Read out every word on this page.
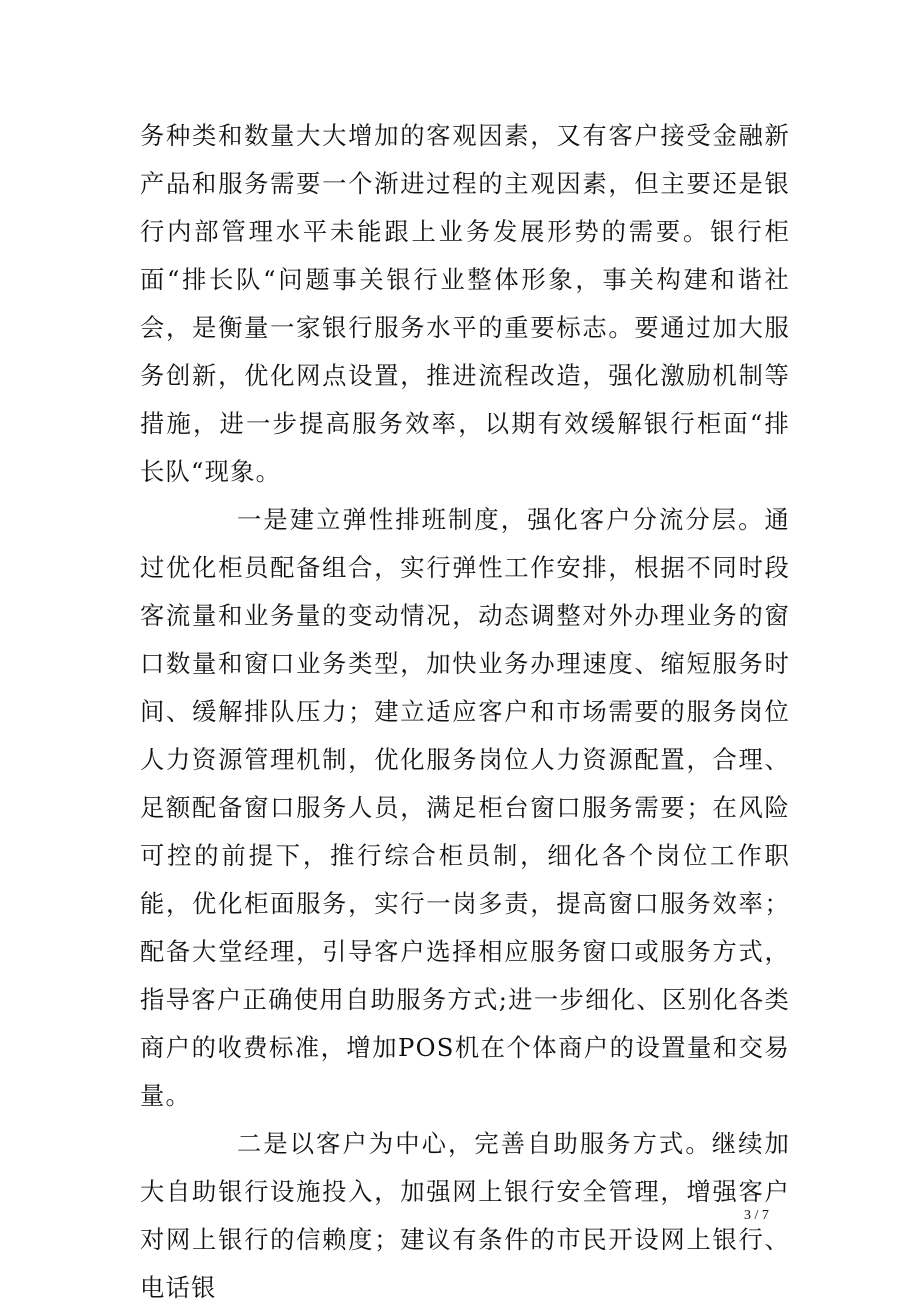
务种类和数量大大增加的客观因素，又有客户接受金融新产品和服务需要一个渐进过程的主观因素，但主要还是银行内部管理水平未能跟上业务发展形势的需要。银行柜面“排长队“问题事关银行业整体形象，事关构建和谐社会，是衡量一家银行服务水平的重要标志。要通过加大服务创新，优化网点设置，推进流程改造，强化激励机制等措施，进一步提高服务效率，以期有效缓解银行柜面“排长队“现象。

一是建立弹性排班制度，强化客户分流分层。通过优化柜员配备组合，实行弹性工作安排，根据不同时段客流量和业务量的变动情况，动态调整对外办理业务的窗口数量和窗口业务类型，加快业务办理速度、缩短服务时间、缓解排队压力；建立适应客户和市场需要的服务岗位人力资源管理机制，优化服务岗位人力资源配置，合理、足额配备窗口服务人员，满足柜台窗口服务需要；在风险可控的前提下，推行综合柜员制，细化各个岗位工作职能，优化柜面服务，实行一岗多责，提高窗口服务效率；配备大堂经理，引导客户选择相应服务窗口或服务方式，指导客户正确使用自助服务方式;进一步细化、区别化各类商户的收费标准，增加POS机在个体商户的设置量和交易量。

二是以客户为中心，完善自助服务方式。继续加大自助银行设施投入，加强网上银行安全管理，增强客户对网上银行的信赖度；建议有条件的市民开设网上银行、电话银

3 / 7
